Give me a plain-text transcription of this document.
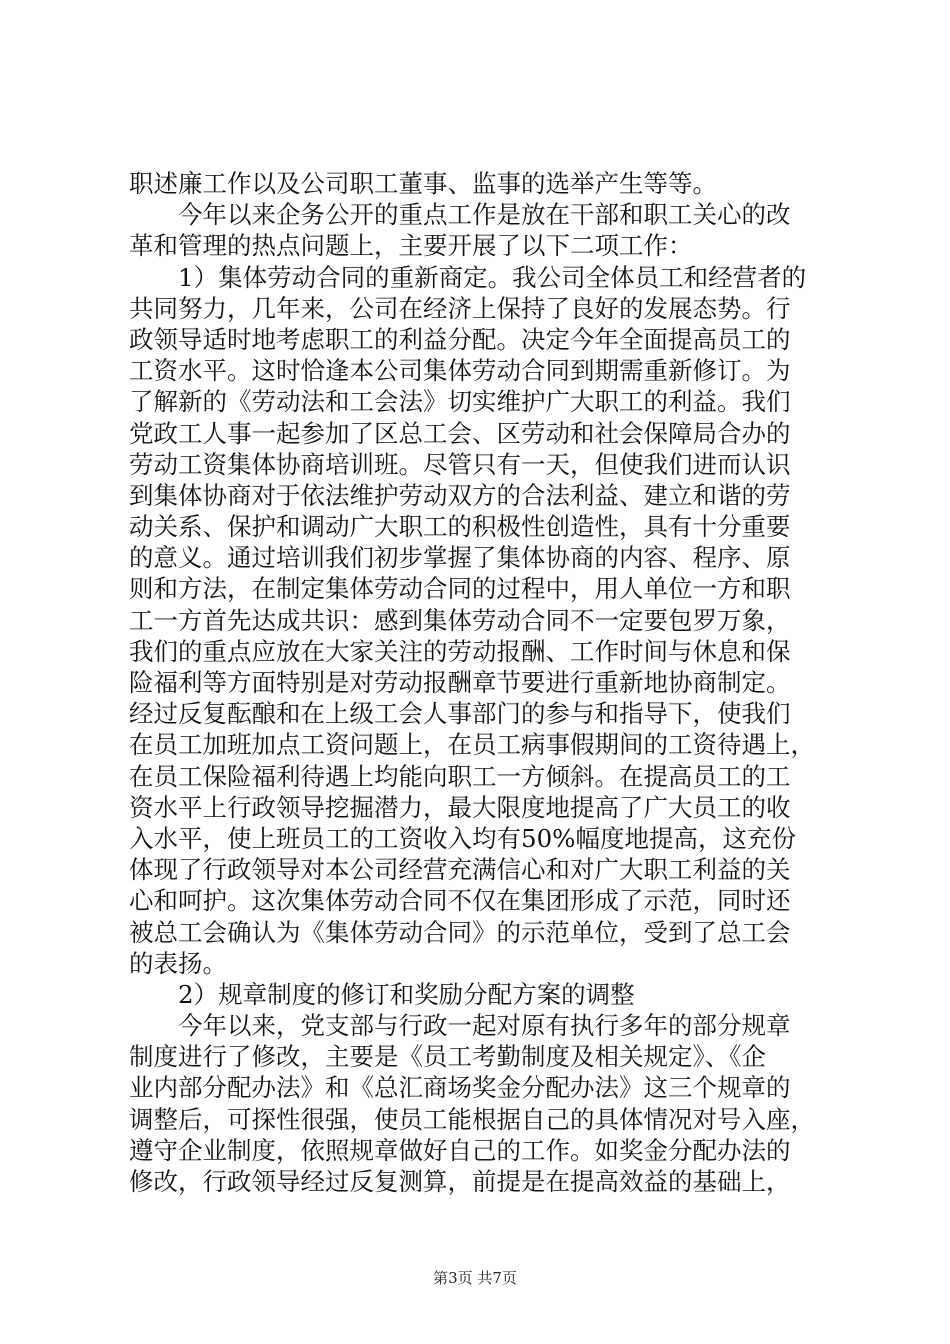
职述廉工作以及公司职工董事、监事的选举产生等等。
今年以来企务公开的重点工作是放在干部和职工关心的改
革和管理的热点问题上，主要开展了以下二项工作：
1）集体劳动合同的重新商定。我公司全体员工和经营者的
共同努力，几年来，公司在经济上保持了良好的发展态势。行
政领导适时地考虑职工的利益分配。决定今年全面提高员工的
工资水平。这时恰逢本公司集体劳动合同到期需重新修订。为
了解新的《劳动法和工会法》切实维护广大职工的利益。我们
党政工人事一起参加了区总工会、区劳动和社会保障局合办的
劳动工资集体协商培训班。尽管只有一天，但使我们进而认识
到集体协商对于依法维护劳动双方的合法利益、建立和谐的劳
动关系、保护和调动广大职工的积极性创造性，具有十分重要
的意义。通过培训我们初步掌握了集体协商的内容、程序、原
则和方法，在制定集体劳动合同的过程中，用人单位一方和职
工一方首先达成共识：感到集体劳动合同不一定要包罗万象，
我们的重点应放在大家关注的劳动报酬、工作时间与休息和保
险福利等方面特别是对劳动报酬章节要进行重新地协商制定。
经过反复酝酿和在上级工会人事部门的参与和指导下，使我们
在员工加班加点工资问题上，在员工病事假期间的工资待遇上，
在员工保险福利待遇上均能向职工一方倾斜。在提高员工的工
资水平上行政领导挖掘潜力，最大限度地提高了广大员工的收
入水平，使上班员工的工资收入均有50%幅度地提高，这充份
体现了行政领导对本公司经营充满信心和对广大职工利益的关
心和呵护。这次集体劳动合同不仅在集团形成了示范，同时还
被总工会确认为《集体劳动合同》的示范单位，受到了总工会
的表扬。
2）规章制度的修订和奖励分配方案的调整
今年以来，党支部与行政一起对原有执行多年的部分规章
制度进行了修改，主要是《员工考勤制度及相关规定》、《企
业内部分配办法》和《总汇商场奖金分配办法》这三个规章的
调整后，可探性很强，使员工能根据自己的具体情况对号入座，
遵守企业制度，依照规章做好自己的工作。如奖金分配办法的
修改，行政领导经过反复测算，前提是在提高效益的基础上，
第3页 共7页
